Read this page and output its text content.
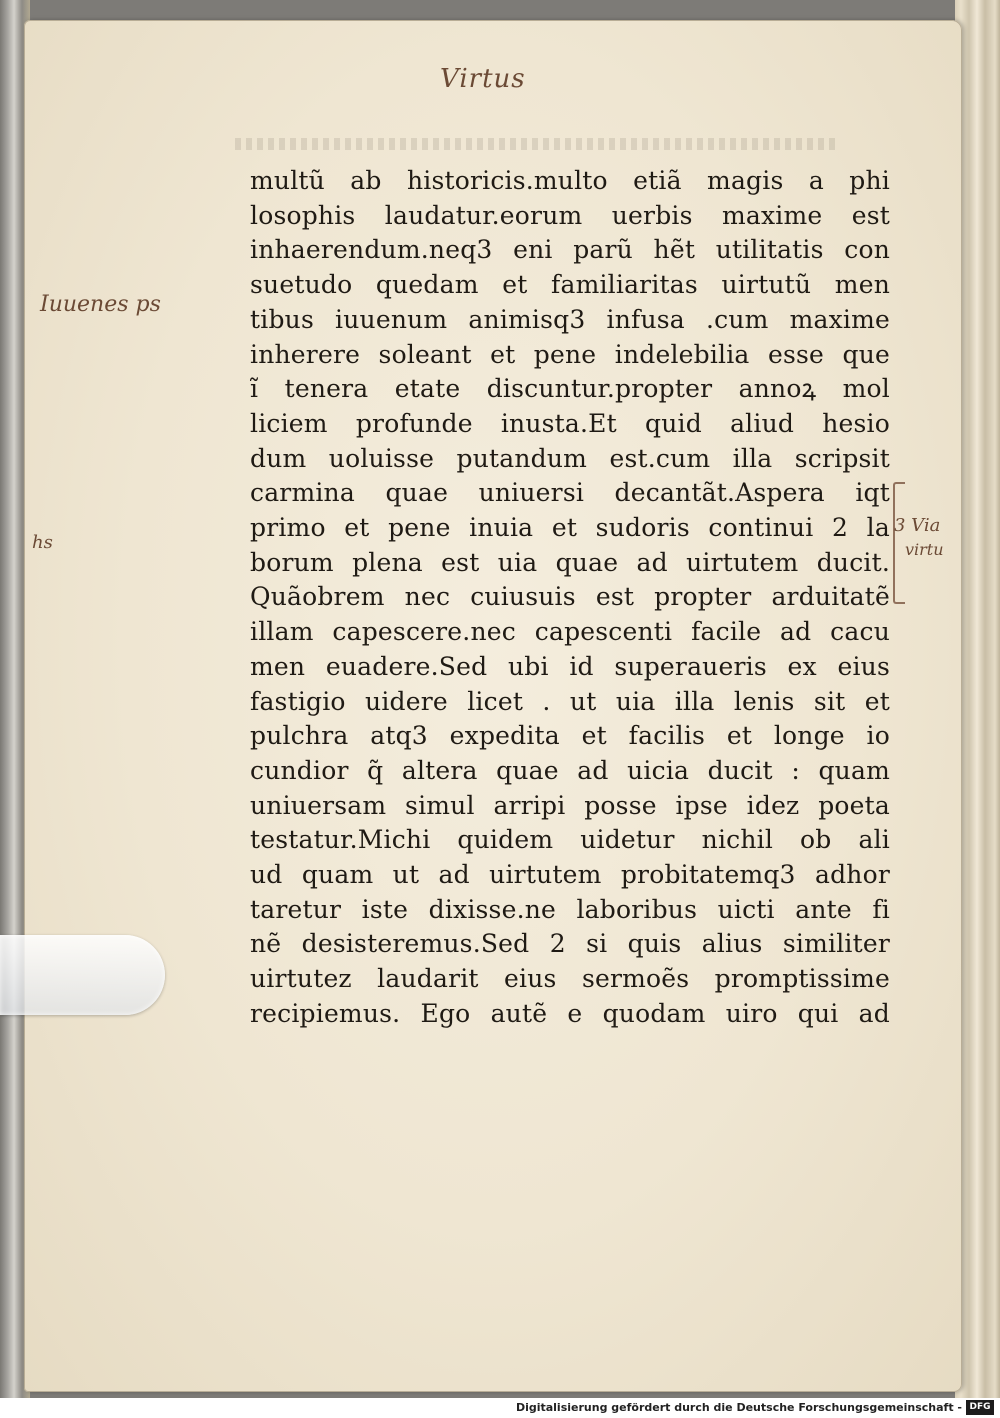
Virtus
Iuuenes ps
hs
3 Via
virtu
multũ ab historicis.multo etiã magis a phi
losophis laudatur.eorum uerbis maxime est
inhaerendum.neq3 eni parũ hẽt utilitatis con
suetudo quedam et familiaritas uirtutũ men
tibus iuuenum animisq3 infusa .cum maxime
inherere soleant et pene indelebilia esse que
ĩ tenera etate discuntur.propter annoꝝ mol
liciem profunde inusta.Et quid aliud hesio
dum uoluisse putandum est.cum illa scripsit
carmina quae uniuersi decantãt.Aspera iqt
primo et pene inuia et sudoris continui 2 la
borum plena est uia quae ad uirtutem ducit.
Quãobrem nec cuiusuis est propter arduitatẽ
illam capescere.nec capescenti facile ad cacu
men euadere.Sed ubi id superaueris ex eius
fastigio uidere licet . ut uia illa lenis sit et
pulchra atq3 expedita et facilis et longe io
cundior q̃ altera quae ad uicia ducit : quam
uniuersam simul arripi posse ipse idez poeta
testatur.Michi quidem uidetur nichil ob ali
ud quam ut ad uirtutem probitatemq3 adhor
taretur iste dixisse.ne laboribus uicti ante fi
nẽ desisteremus.Sed 2 si quis alius similiter
uirtutez laudarit eius sermoẽs promptissime
recipiemus. Ego autẽ e quodam uiro qui ad
Digitalisierung gefördert durch die Deutsche Forschungsgemeinschaft - DFG
